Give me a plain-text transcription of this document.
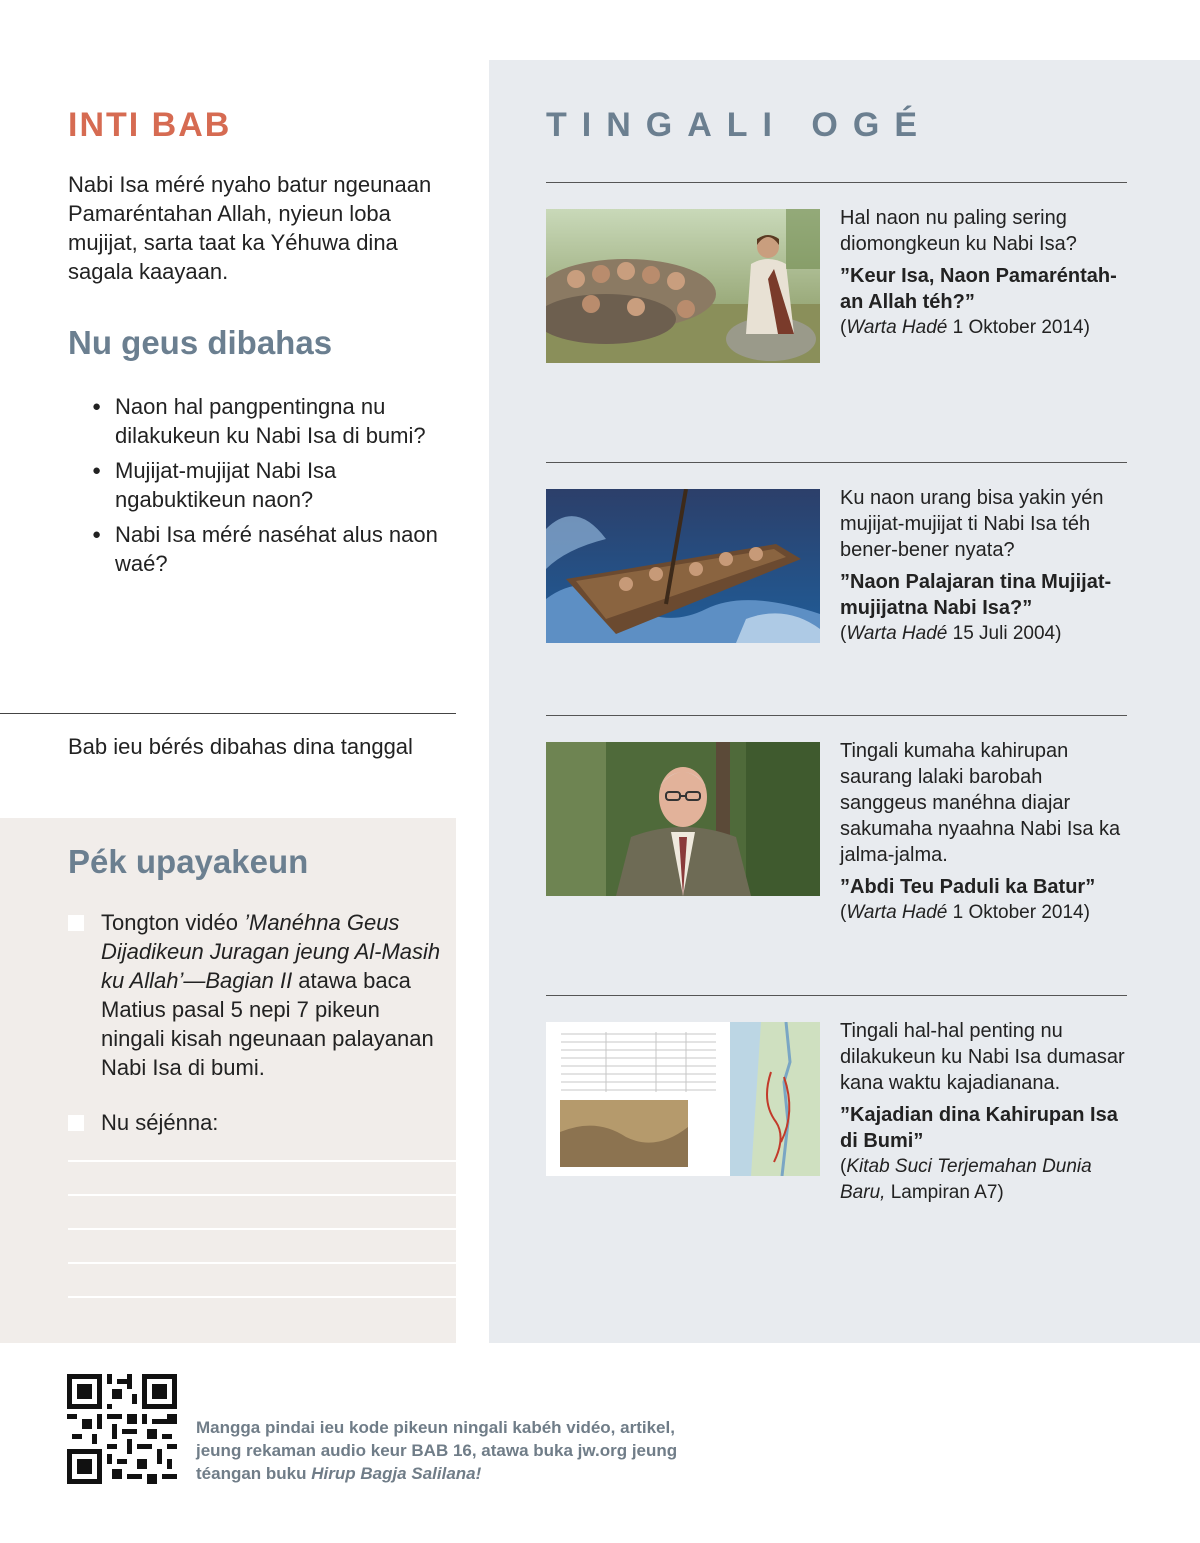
INTI BAB
Nabi Isa méré nyaho batur ngeunaan Pamaréntahan Allah, nyieun loba mujijat, sarta taat ka Yéhuwa dina sagala kaayaan.
Nu geus dibahas
● Naon hal pangpentingna nu dilakukeun ku Nabi Isa di bumi?
● Mujijat-mujijat Nabi Isa ngabuktikeun naon?
● Nabi Isa méré naséhat alus naon waé?
Bab ieu bérés dibahas dina tanggal
Pék upayakeun
Tongton vidéo ’Manéhna Geus Dijadikeun Juragan jeung Al-Masih ku Allah’—Bagian II atawa baca Matius pasal 5 nepi 7 pikeun ningali kisah ngeunaan palayanan Nabi Isa di bumi.
Nu séjénna:
TINGALI OGÉ
Hal naon nu paling sering diomongkeun ku Nabi Isa?
”Keur Isa, Naon Pamaréntahan Allah téh?”
(Warta Hadé 1 Oktober 2014)
Ku naon urang bisa yakin yén mujijat-mujijat ti Nabi Isa téh bener-bener nyata?
”Naon Palajaran tina Mujijat-mujijatna Nabi Isa?”
(Warta Hadé 15 Juli 2004)
Tingali kumaha kahirupan saurang lalaki barobah sanggeus manéhna diajar sakumaha nyaahna Nabi Isa ka jalma-jalma.
”Abdi Teu Paduli ka Batur”
(Warta Hadé 1 Oktober 2014)
Tingali hal-hal penting nu dilakukeun ku Nabi Isa dumasar kana waktu kajadianana.
”Kajadian dina Kahirupan Isa di Bumi”
(Kitab Suci Terjemahan Dunia Baru, Lampiran A7)
Mangga pindai ieu kode pikeun ningali kabéh vidéo, artikel, jeung rekaman audio keur BAB 16, atawa buka jw.org jeung téangan buku Hirup Bagja Salilana!
